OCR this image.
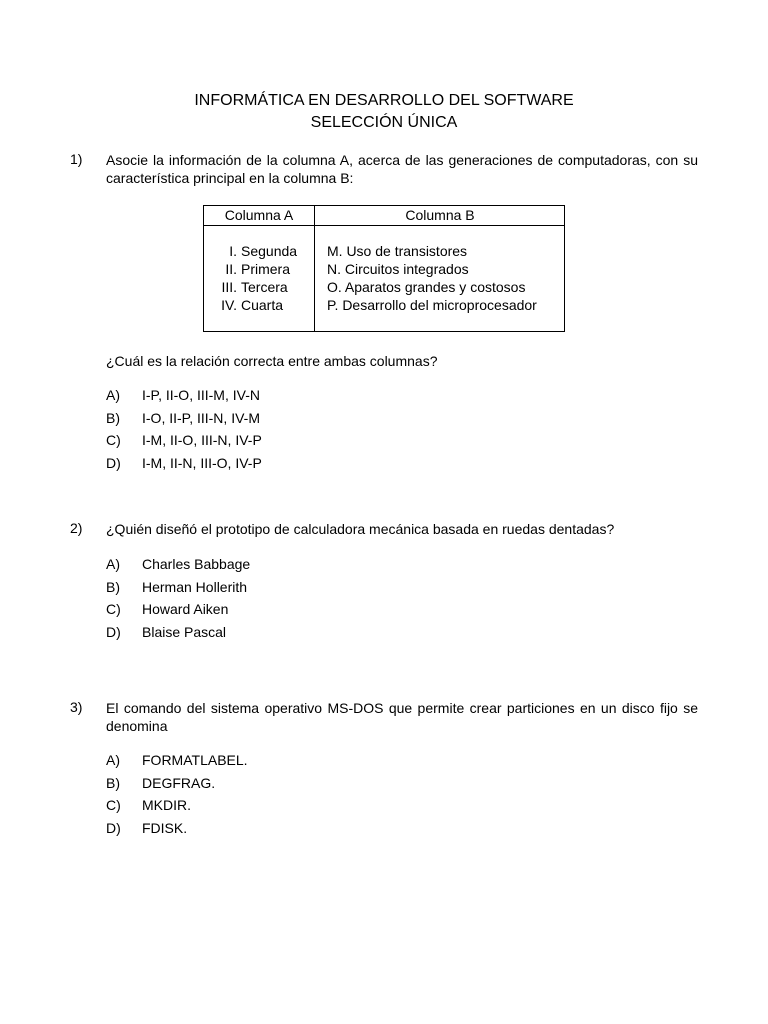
INFORMÁTICA EN DESARROLLO DEL SOFTWARE
SELECCIÓN ÚNICA
1) Asocie la información de la columna A, acerca de las generaciones de computadoras, con su característica principal en la columna B:
Columna A	Columna B
I. Segunda
II. Primera
III. Tercera
IV. Cuarta
M. Uso de transistores
N. Circuitos integrados
O. Aparatos grandes y costosos
P. Desarrollo del microprocesador
¿Cuál es la relación correcta entre ambas columnas?
A) I-P, II-O, III-M, IV-N
B) I-O, II-P, III-N, IV-M
C) I-M, II-O, III-N, IV-P
D) I-M, II-N, III-O, IV-P
2) ¿Quién diseñó el prototipo de calculadora mecánica basada en ruedas dentadas?
A) Charles Babbage
B) Herman Hollerith
C) Howard Aiken
D) Blaise Pascal
3) El comando del sistema operativo MS-DOS que permite crear particiones en un disco fijo se denomina
A) FORMATLABEL.
B) DEGFRAG.
C) MKDIR.
D) FDISK.
